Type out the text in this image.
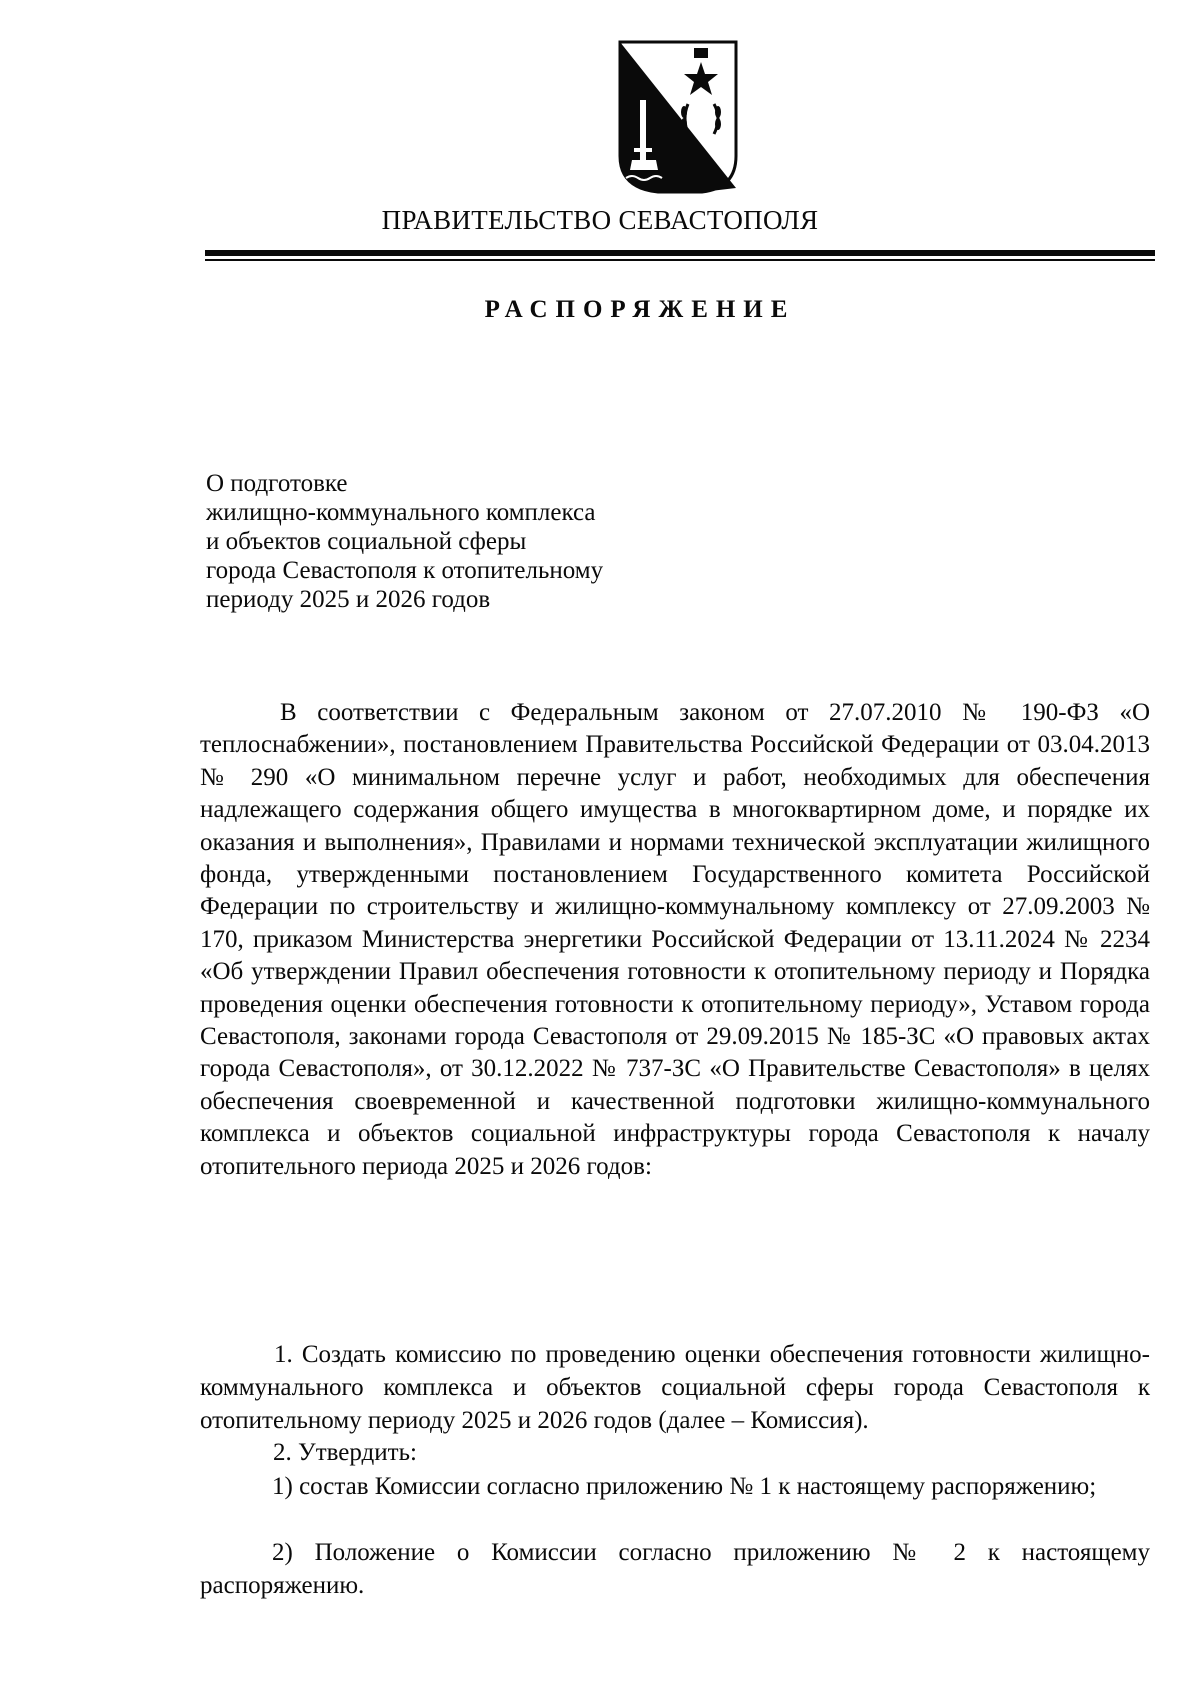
ПРАВИТЕЛЬСТВО СЕВАСТОПОЛЯ
РАСПОРЯЖЕНИЕ
О подготовке
жилищно-коммунального комплекса
и объектов социальной сферы
города Севастополя к отопительному
периоду 2025 и 2026 годов

В соответствии с Федеральным законом от 27.07.2010 № 190-ФЗ «О теплоснабжении», постановлением Правительства Российской Федерации от 03.04.2013 № 290 «О минимальном перечне услуг и работ, необходимых для обеспечения надлежащего содержания общего имущества в многоквартирном доме, и порядке их оказания и выполнения», Правилами и нормами технической эксплуатации жилищного фонда, утвержденными постановлением Государственного комитета Российской Федерации по строительству и жилищно-коммунальному комплексу от 27.09.2003 № 170, приказом Министерства энергетики Российской Федерации от 13.11.2024 № 2234 «Об утверждении Правил обеспечения готовности к отопительному периоду и Порядка проведения оценки обеспечения готовности к отопительному периоду», Уставом города Севастополя, законами города Севастополя от 29.09.2015 № 185-ЗС «О правовых актах города Севастополя», от 30.12.2022 № 737-ЗС «О Правительстве Севастополя» в целях обеспечения своевременной и качественной подготовки жилищно-коммунального комплекса и объектов социальной инфраструктуры города Севастополя к началу отопительного периода 2025 и 2026 годов:

1. Создать комиссию по проведению оценки обеспечения готовности жилищно-коммунального комплекса и объектов социальной сферы города Севастополя к отопительному периоду 2025 и 2026 годов (далее – Комиссия).

2. Утвердить:

1) состав Комиссии согласно приложению № 1 к настоящему распоряжению;

2) Положение о Комиссии согласно приложению № 2 к настоящему распоряжению.
